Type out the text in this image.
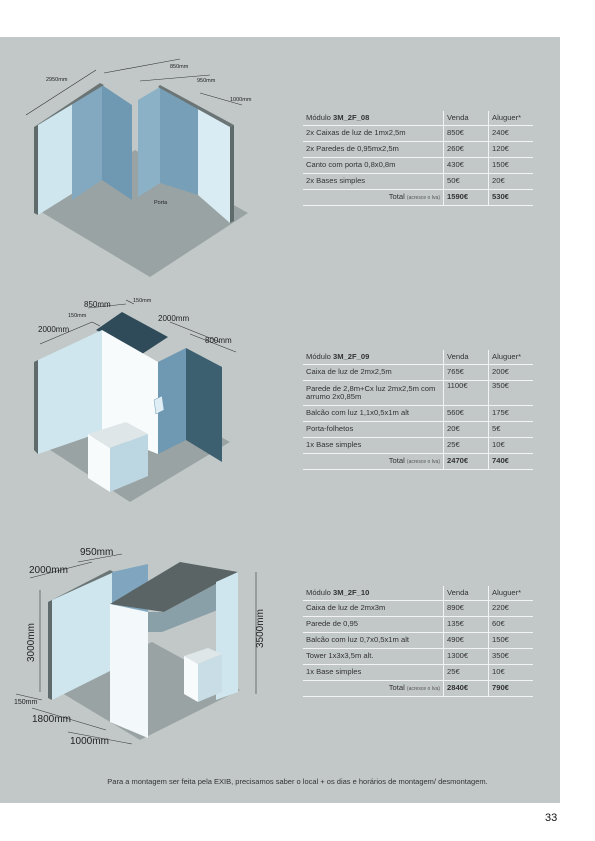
2950mm
850mm
950mm
1000mm
Porta
850mm	150mm
150mm
2000mm
2000mm
800mm
950mm
2000mm
3000mm	3500mm
150mm
1800mm
1000mm
Módulo 3M_2F_08	Venda	Aluguer*
2x Caixas de luz de 1mx2,5m	850€	240€
2x Paredes de 0,95mx2,5m	260€	120€
Canto com porta 0,8x0,8m	430€	150€
2x Bases simples	50€	20€
Total (acresce o Iva)	1590€	530€
Módulo 3M_2F_09	Venda	Aluguer*
Caixa de luz de 2mx2,5m	765€	200€
Parede de 2,8m+Cx luz 2mx2,5m com arrumo 2x0,85m	1100€	350€
Balcão com luz 1,1x0,5x1m alt	560€	175€
Porta-folhetos	20€	5€
1x Base simples	25€	10€
Total (acresce o Iva)	2470€	740€
Módulo 3M_2F_10	Venda	Aluguer*
Caixa de luz de 2mx3m	890€	220€
Parede de 0,95	135€	60€
Balcão com luz 0,7x0,5x1m alt	490€	150€
Tower 1x3x3,5m alt.	1300€	350€
1x Base simples	25€	10€
Total (acresce o Iva)	2840€	790€
Para a montagem ser feita pela EXIB, precisamos saber o local + os dias e horários de montagem/ desmontagem.
33
